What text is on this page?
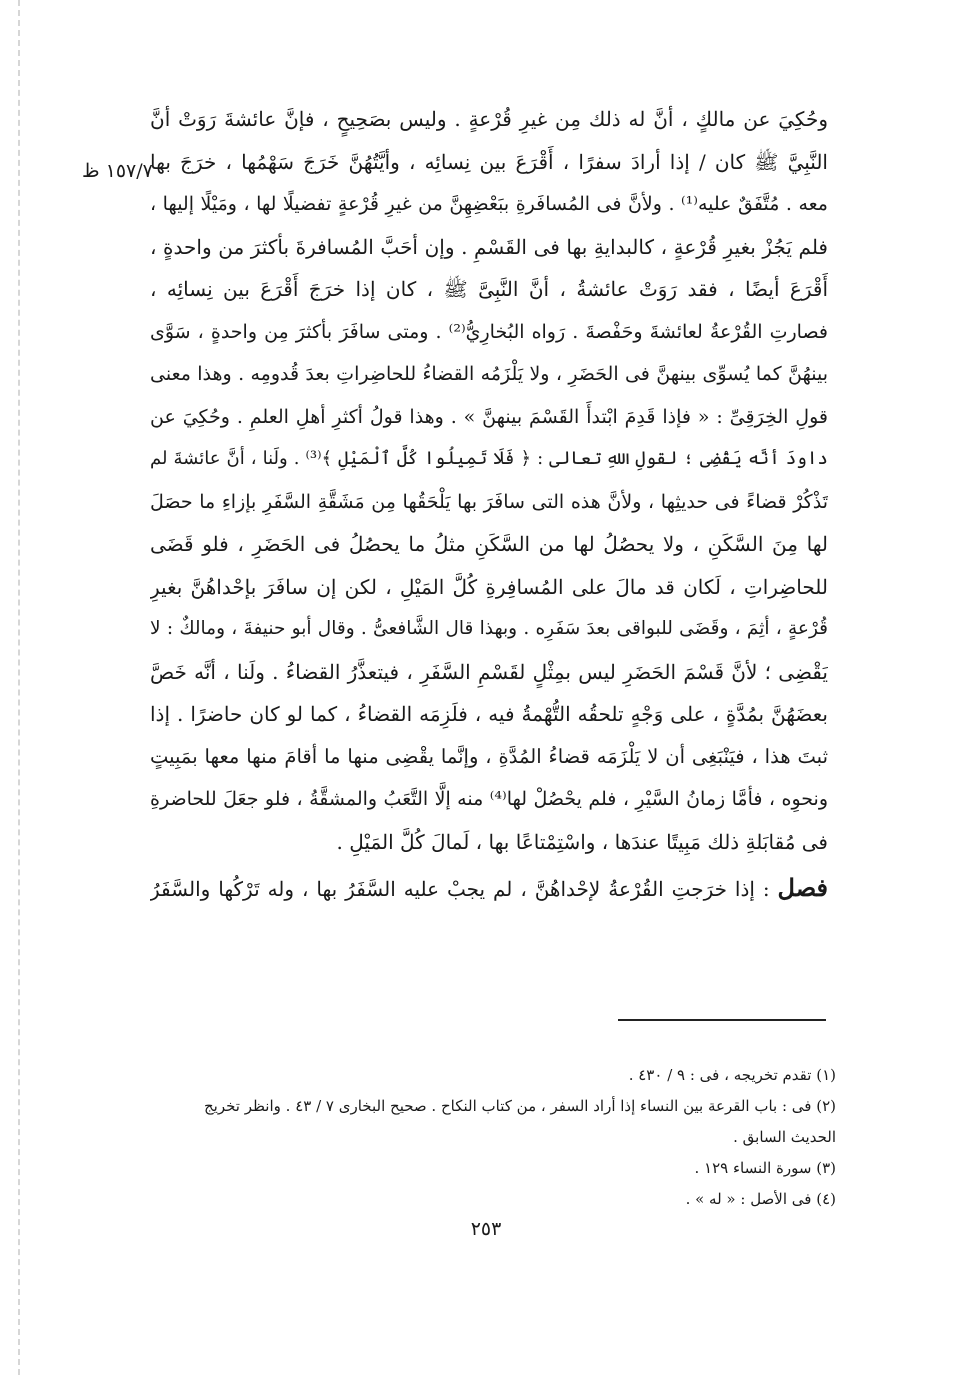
١٥٧/٧ ظ
وحُكِيَ عن مالكٍ ، أنَّ له ذلك مِن غيرِ قُرْعةٍ . وليس بصَحِيحٍ ، فإنَّ عائشةَ رَوَتْ أنَّ
النَّبِيَّ ﷺ كان / إذا أرادَ سفرًا ، أَقْرَعَ بين نِسائِه ، وأيَّتُهُنَّ خَرَجَ سَهْمُها ، خرَجَ بها
معه . مُتَّفَقٌ عليه⁽¹⁾ . ولأنَّ فى المُسافَرةِ ببَعْضِهِنَّ من غيرِ قُرْعةٍ تفضيلًا لها ، ومَيْلًا إليها ،
فلم يَجُزْ بغيرِ قُرْعةٍ ، كالبدايةِ بها فى القَسْمِ . وإن أحَبَّ المُسافرةَ بأكثرَ من واحدةٍ ،
أَقْرَعَ أيضًا ، فقد رَوَتْ عائشةُ ، أنَّ النَّبِىَّ ﷺ ، كان إذا خرَجَ أَقْرَعَ بين نِسائِه ،
فصارتِ القُرْعةُ لعائشةَ وحَفْصةَ . رَواه البُخارِيُّ⁽²⁾ . ومتى سافَرَ بأكثرَ مِن واحدةٍ ، سَوَّى
بينهُنَّ كما يُسوِّى بينهنَّ فى الحَضَرِ ، ولا يَلْزَمُه القضاءُ للحاضِراتِ بعدَ قُدومِه . وهذا معنى
قولِ الخِرَقِىِّ : « فإذا قَدِمَ ابْتدأَ القَسْمَ بينهنَّ » . وهذا قولُ أكثرِ أهلِ العلمِ . وحُكِيَ عن
داودَ أنَّه يَقْضِى ؛ لقولِ اللهِ تعالى : ﴿ فَلَا تَمِيلُوا كُلَّ ٱلْمَيْلِ ﴾⁽³⁾ . ولَنا ، أنَّ عائشةَ لم
تَذْكُرْ قضاءً فى حديثِها ، ولأنَّ هذه التى سافَرَ بها يَلْحَقُها مِن مَشَقَّةِ السَّفَرِ بإزاءِ ما حصَلَ
لها مِنَ السَّكَنِ ، ولا يحصُلُ لها من السَّكَنِ مثلُ ما يحصُلُ فى الحَضَرِ ، فلو قَضَى
للحاضِراتِ ، لَكان قد مالَ على المُسافِرةِ كُلَّ المَيْلِ ، لكن إن سافَرَ بإحْداهُنَّ بغيرِ
قُرْعةٍ ، أثِمَ ، وقَضَى للبواقى بعدَ سَفَرِه . وبهذا قال الشَّافعىُّ . وقال أبو حنيفةَ ، ومالكٌ : لا
يَقْضِى ؛ لأنَّ قَسْمَ الحَضَرِ ليس بمِثْلٍ لقَسْمِ السَّفَرِ ، فيتعذَّرُ القضاءُ . ولَنا ، أنَّه خَصَّ
بعضَهُنَّ بمُدَّةٍ ، على وَجْهٍ تلحقُه التُّهْمةُ فيه ، فلَزِمَه القضاءُ ، كما لو كان حاضرًا . إذا
ثبتَ هذا ، فيَنْبَغِى أن لا يَلْزَمَه قضاءُ المُدَّةِ ، وإنَّما يقْضِى منها ما أقامَ منها معها بمَبِيتٍ
ونحوِه ، فأمَّا زمانُ السَّيْرِ ، فلم يحْصُلْ لها⁽⁴⁾ منه إلَّا التَّعَبُ والمشقَّةُ ، فلو جعَلَ للحاضرةِ
فى مُقابَلةِ ذلك مَبِيتًا عندَها ، واسْتِمْتاعًا بها ، لَمالَ كُلَّ المَيْلِ .
فصل : إذا خرَجتِ القُرْعةُ لإحْداهُنَّ ، لم يجبْ عليه السَّفَرُ بها ، وله تَرْكُها والسَّفَرُ
(١) تقدم تخريجه ، فى : ٩ / ٤٣٠ .
(٢) فى : باب القرعة بين النساء إذا أراد السفر ، من كتاب النكاح . صحيح البخارى ٧ / ٤٣ . وانظر تخريج
الحديث السابق .
(٣) سورة النساء ١٢٩ .
(٤) فى الأصل : « له » .
٢٥٣
